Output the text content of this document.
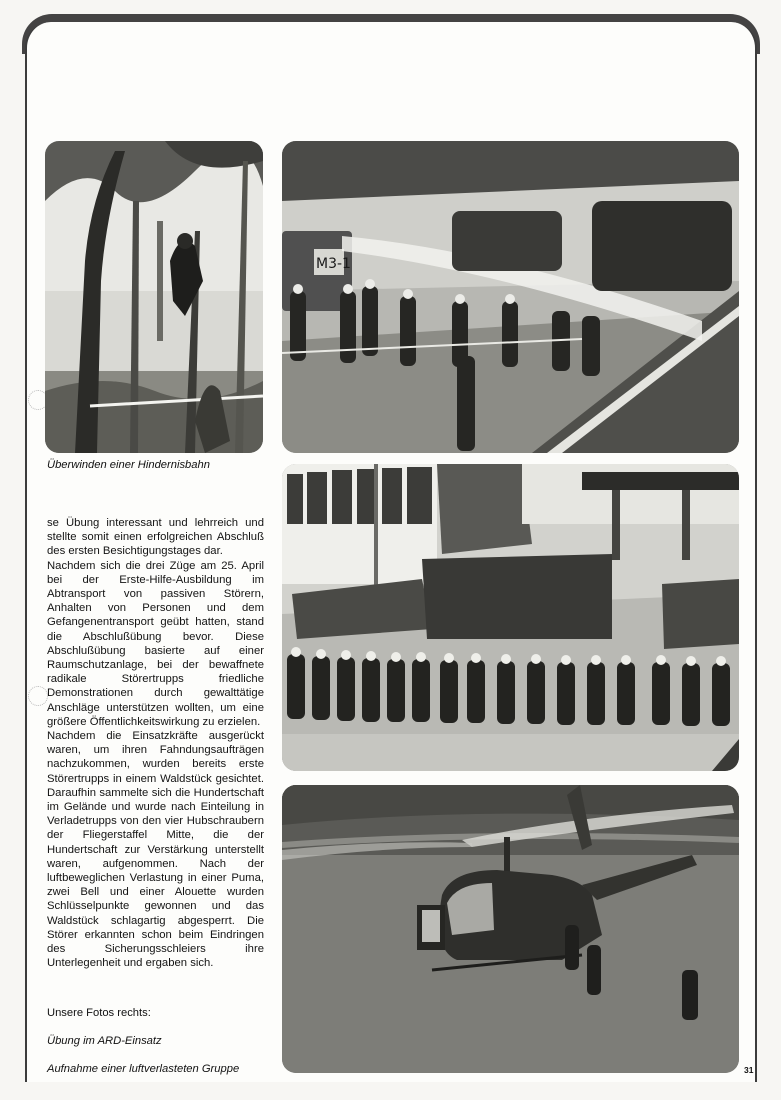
M3-1
Überwinden einer Hindernisbahn

se Übung interessant und lehrreich und stellte somit einen erfolgreichen Abschluß des ersten Besichtigungstages dar.

Nachdem sich die drei Züge am 25. April bei der Erste-Hilfe-Ausbildung im Abtransport von passiven Störern, Anhalten von Personen und dem Gefangenentransport geübt hatten, stand die Abschlußübung bevor. Diese Abschlußübung basierte auf einer Raumschutzanlage, bei der bewaffnete radikale Störertrupps friedliche Demonstrationen durch gewalttätige Anschläge unterstützen wollten, um eine größere Öffentlichkeitswirkung zu erzielen.

Nachdem die Einsatzkräfte ausgerückt waren, um ihren Fahndungsaufträgen nachzukommen, wurden bereits erste Störertrupps in einem Waldstück gesichtet. Daraufhin sammelte sich die Hundertschaft im Gelände und wurde nach Einteilung in Verladetrupps von den vier Hubschraubern der Fliegerstaffel Mitte, die der Hundertschaft zur Verstärkung unterstellt waren, aufgenommen. Nach der luftbeweglichen Verlastung in einer Puma, zwei Bell und einer Alouette wurden Schlüsselpunkte gewonnen und das Waldstück schlagartig abgesperrt. Die Störer erkannten schon beim Eindringen des Sicherungsschleiers ihre Unterlegenheit und ergaben sich.

Unsere Fotos rechts:
Übung im ARD-Einsatz
Aufnahme einer luftverlasteten Gruppe	31
